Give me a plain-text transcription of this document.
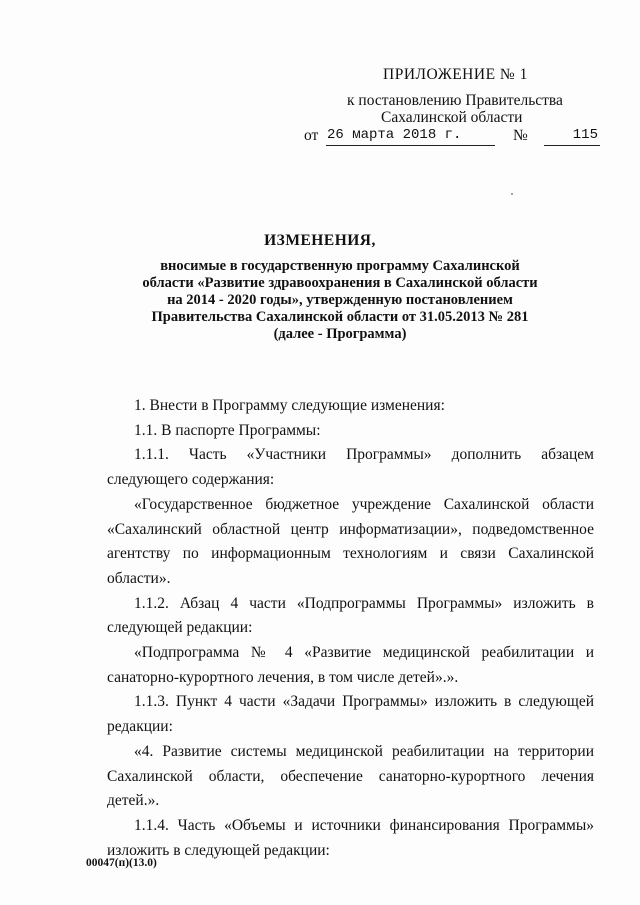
ПРИЛОЖЕНИЕ № 1
к постановлению Правительства
Сахалинской области
от 26 марта 2018 г.	№	115
ИЗМЕНЕНИЯ,
вносимые в государственную программу Сахалинской области «Развитие здравоохранения в Сахалинской области на 2014 - 2020 годы», утвержденную постановлением Правительства Сахалинской области от 31.05.2013 № 281 (далее - Программа)

1. Внести в Программу следующие изменения:

1.1. В паспорте Программы:

1.1.1. Часть «Участники Программы» дополнить абзацем следующего содержания:

«Государственное бюджетное учреждение Сахалинской области «Сахалинский областной центр информатизации», подведомственное агентству по информационным технологиям и связи Сахалинской области».

1.1.2. Абзац 4 части «Подпрограммы Программы» изложить в следующей редакции:

«Подпрограмма № 4 «Развитие медицинской реабилитации и санаторно-курортного лечения, в том числе детей».».

1.1.3. Пункт 4 части «Задачи Программы» изложить в следующей редакции:

«4. Развитие системы медицинской реабилитации на территории Сахалинской области, обеспечение санаторно-курортного лечения детей.».

1.1.4. Часть «Объемы и источники финансирования Программы» изложить в следующей редакции:

00047(п)(13.0)
